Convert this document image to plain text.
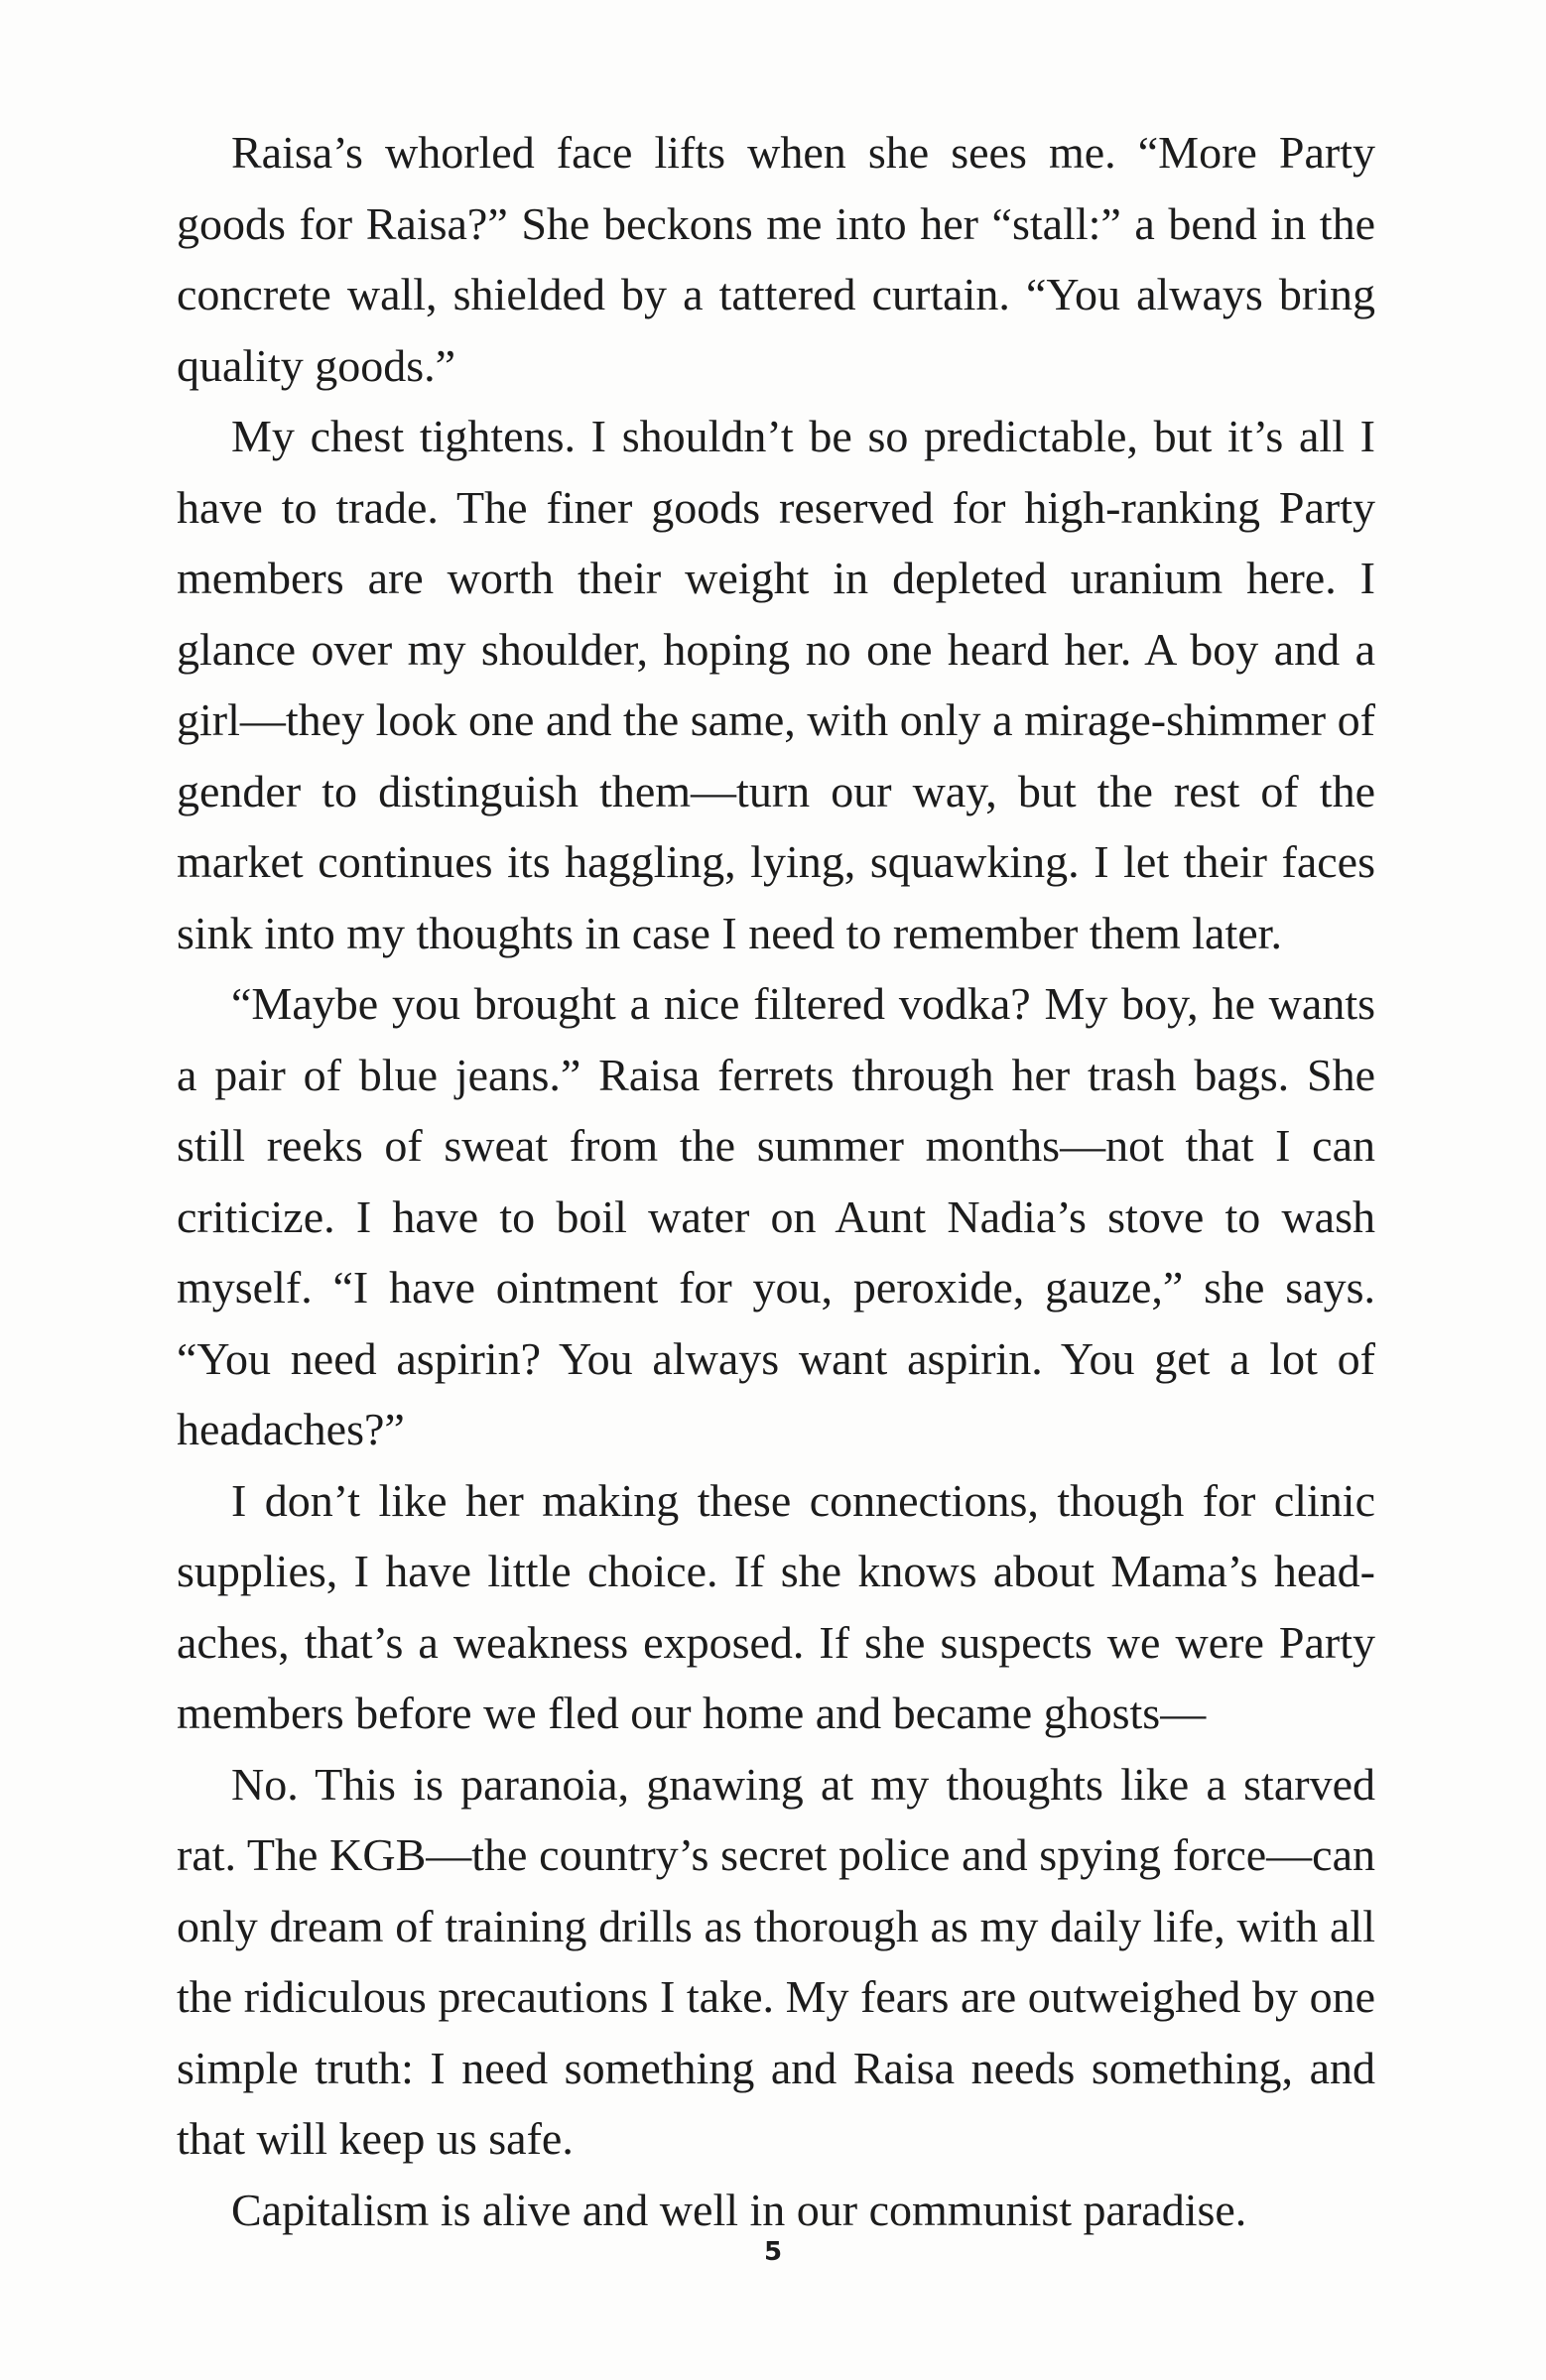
Raisa’s whorled face lifts when she sees me. “More Party goods for Raisa?” She beckons me into her “stall:” a bend in the concrete wall, shielded by a tattered curtain. “You always bring quality goods.”

My chest tightens. I shouldn’t be so predictable, but it’s all I have to trade. The finer goods reserved for high-ranking Party members are worth their weight in depleted uranium here. I glance over my shoulder, hoping no one heard her. A boy and a girl—they look one and the same, with only a mirage-shimmer of gender to distinguish them—turn our way, but the rest of the market continues its haggling, lying, squawking. I let their faces sink into my thoughts in case I need to remember them later.

“Maybe you brought a nice filtered vodka? My boy, he wants a pair of blue jeans.” Raisa ferrets through her trash bags. She still reeks of sweat from the summer months—not that I can criticize. I have to boil water on Aunt Nadia’s stove to wash myself. “I have ointment for you, peroxide, gauze,” she says. “You need aspirin? You always want aspirin. You get a lot of headaches?”

I don’t like her making these connections, though for clinic supplies, I have little choice. If she knows about Mama’s headaches, that’s a weakness exposed. If she suspects we were Party members before we fled our home and became ghosts—

No. This is paranoia, gnawing at my thoughts like a starved rat. The KGB—the country’s secret police and spying force—can only dream of training drills as thorough as my daily life, with all the ridiculous precautions I take. My fears are outweighed by one simple truth: I need something and Raisa needs something, and that will keep us safe.

Capitalism is alive and well in our communist paradise.

5
